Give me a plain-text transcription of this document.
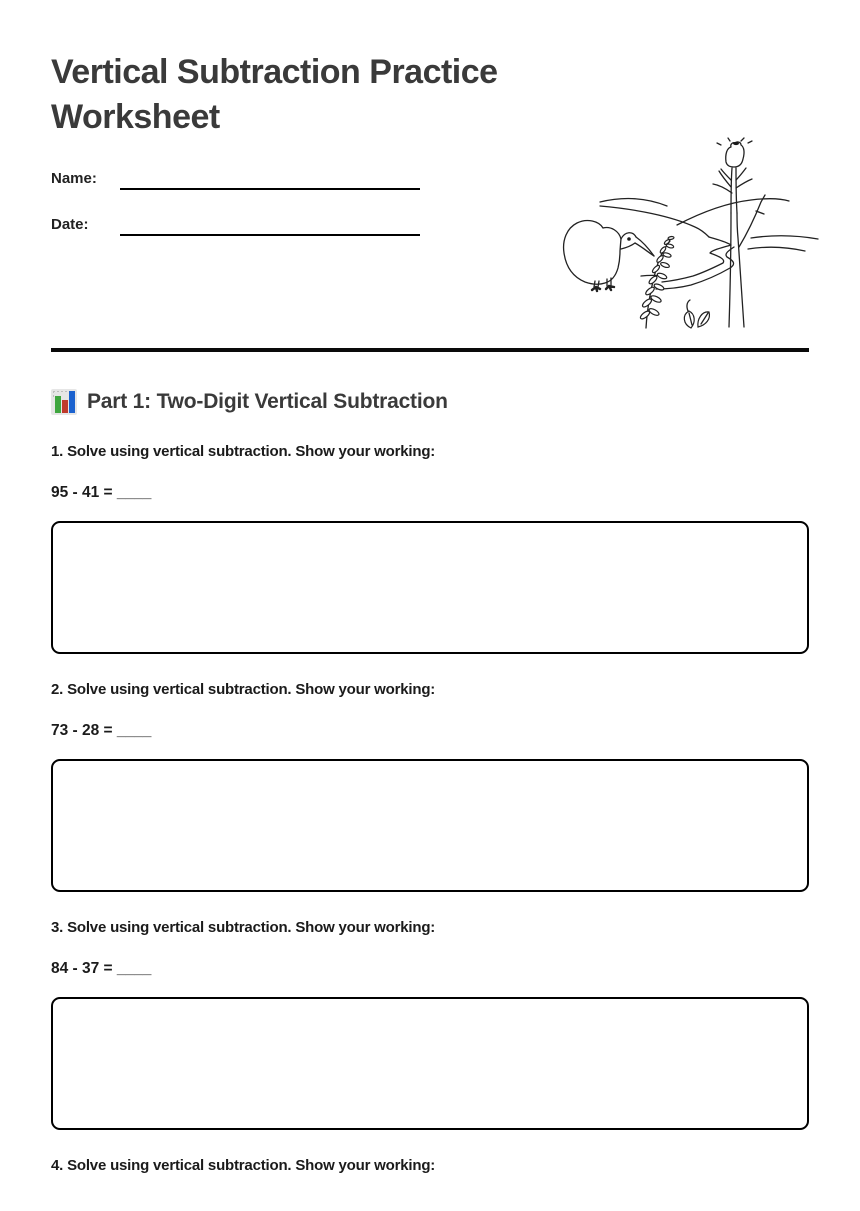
Vertical Subtraction Practice Worksheet
Name:
Date:
Part 1: Two-Digit Vertical Subtraction

1. Solve using vertical subtraction. Show your working:

95 - 41 = ____

2. Solve using vertical subtraction. Show your working:

73 - 28 = ____

3. Solve using vertical subtraction. Show your working:

84 - 37 = ____

4. Solve using vertical subtraction. Show your working:
